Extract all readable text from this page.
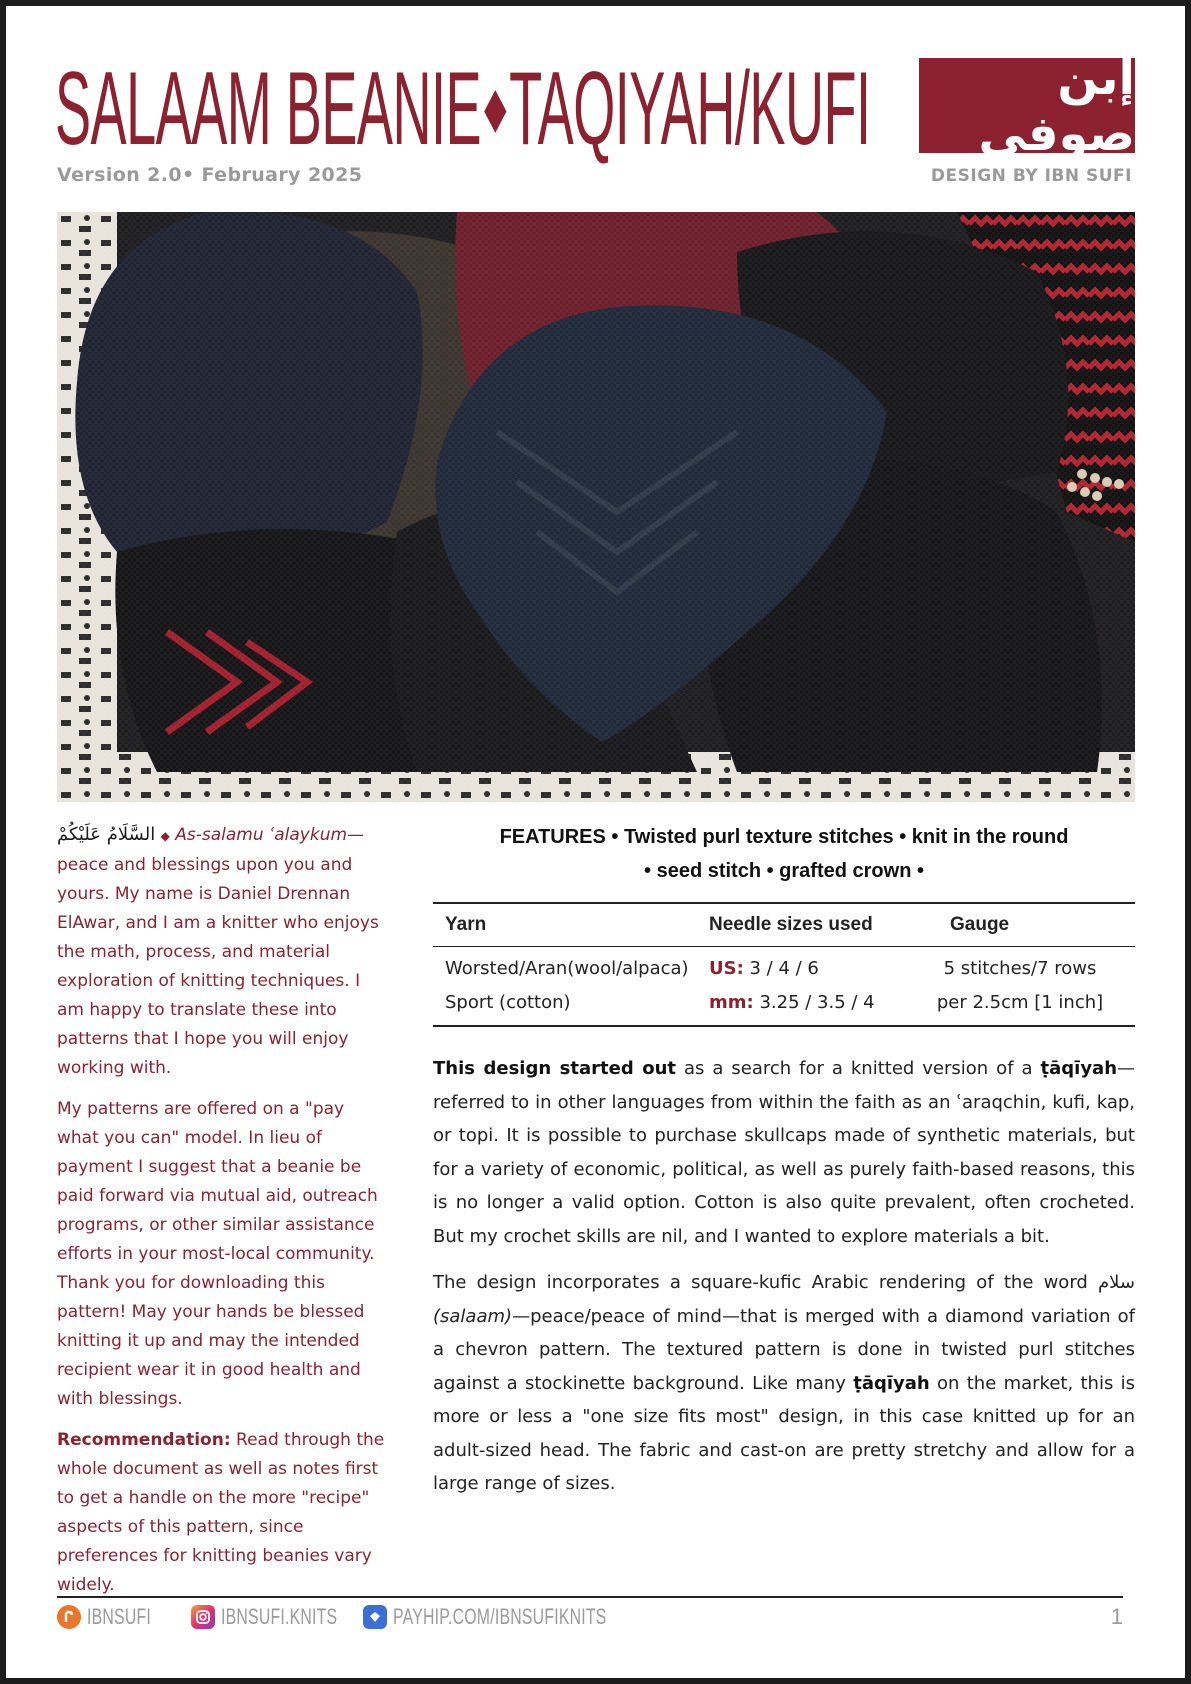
SALAAM BEANIE◆TAQIYAH/KUFI
Version 2.0• February 2025
إبن صوفي
DESIGN BY IBN SUFI

السَّلَامُ عَلَيْكُمْ ◆ As-salamu ʿalaykum—peace and blessings upon you and yours. My name is Daniel Drennan ElAwar, and I am a knitter who enjoys the math, process, and material exploration of knitting techniques. I am happy to translate these into patterns that I hope you will enjoy working with.

My patterns are offered on a "pay what you can" model. In lieu of payment I suggest that a beanie be paid forward via mutual aid, outreach programs, or other similar assistance efforts in your most-local community. Thank you for downloading this pattern! May your hands be blessed knitting it up and may the intended recipient wear it in good health and with blessings.

Recommendation: Read through the whole document as well as notes first to get a handle on the more "recipe" aspects of this pattern, since preferences for knitting beanies vary widely.

FEATURES • Twisted purl texture stitches • knit in the round
• seed stitch • grafted crown •
Yarn	Needle sizes used	Gauge
Worsted/Aran(wool/alpaca)	US: 3 / 4 / 6	5 stitches/7 rows
Sport (cotton)	mm: 3.25 / 3.5 / 4	per 2.5cm [1 inch]

This design started out as a search for a knitted version of a ṭāqīyah—referred to in other languages from within the faith as an ʿaraqchin, kufi, kap, or topi. It is possible to purchase skullcaps made of synthetic materials, but for a variety of economic, political, as well as purely faith-based reasons, this is no longer a valid option. Cotton is also quite prevalent, often crocheted. But my crochet skills are nil, and I wanted to explore materials a bit.

The design incorporates a square-kufic Arabic rendering of the word سلام (salaam)—peace/peace of mind—that is merged with a diamond variation of a chevron pattern. The textured pattern is done in twisted purl stitches against a stockinette background. Like many ṭāqīyah on the market, this is more or less a "one size fits most" design, in this case knitted up for an adult-sized head. The fabric and cast-on are pretty stretchy and allow for a large range of sizes.

IBNSUFI	IBNSUFI.KNITS	PAYHIP.COM/IBNSUFIKNITS	1
